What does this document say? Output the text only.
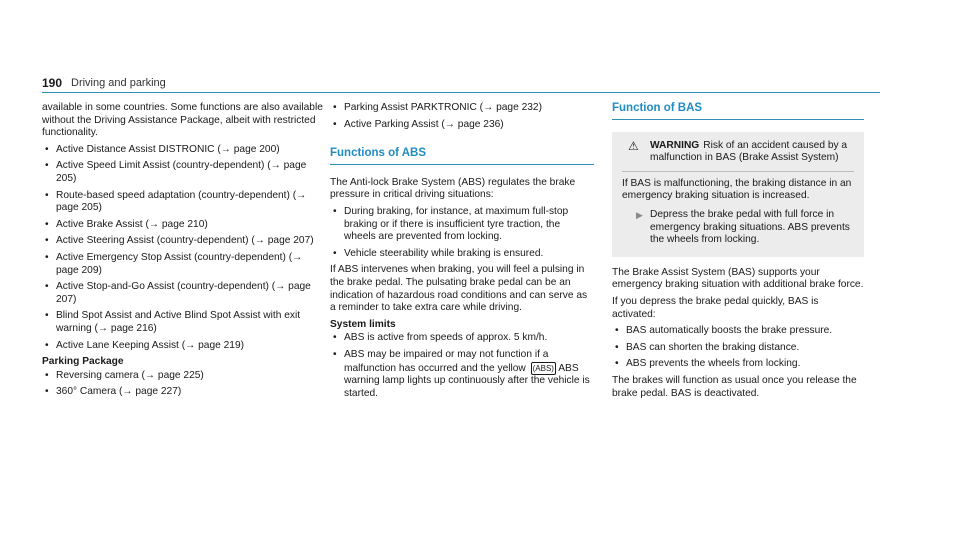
190 Driving and parking

available in some countries. Some functions are also available without the Driving Assistance Package, albeit with restricted functionality.

• Active Distance Assist DISTRONIC (→ page 200)
• Active Speed Limit Assist (country-dependent) (→ page 205)
• Route-based speed adaptation (country-dependent) (→ page 205)
• Active Brake Assist (→ page 210)
• Active Steering Assist (country-dependent) (→ page 207)
• Active Emergency Stop Assist (country-dependent) (→ page 209)
• Active Stop-and-Go Assist (country-dependent) (→ page 207)
• Blind Spot Assist and Active Blind Spot Assist with exit warning (→ page 216)
• Active Lane Keeping Assist (→ page 219)
Parking Package
• Reversing camera (→ page 225)
• 360° Camera (→ page 227)
• Parking Assist PARKTRONIC (→ page 232)
• Active Parking Assist (→ page 236)
Functions of ABS

The Anti-lock Brake System (ABS) regulates the brake pressure in critical driving situations:

• During braking, for instance, at maximum full-stop braking or if there is insufficient tyre traction, the wheels are prevented from locking.
• Vehicle steerability while braking is ensured.

If ABS intervenes when braking, you will feel a pulsing in the brake pedal. The pulsating brake pedal can be an indication of hazardous road conditions and can serve as a reminder to take extra care while driving.

System limits
• ABS is active from speeds of approx. 5 km/h.
• ABS may be impaired or may not function if a malfunction has occurred and the yellow (ABS) ABS warning lamp lights up continuously after the vehicle is started.
Function of BAS
⚠ WARNING Risk of an accident caused by a malfunction in BAS (Brake Assist System)
If BAS is malfunctioning, the braking distance in an emergency braking situation is increased.
▶ Depress the brake pedal with full force in emergency braking situations. ABS prevents the wheels from locking.

The Brake Assist System (BAS) supports your emergency braking situation with additional brake force.

If you depress the brake pedal quickly, BAS is activated:

• BAS automatically boosts the brake pressure.
• BAS can shorten the braking distance.
• ABS prevents the wheels from locking.

The brakes will function as usual once you release the brake pedal. BAS is deactivated.
